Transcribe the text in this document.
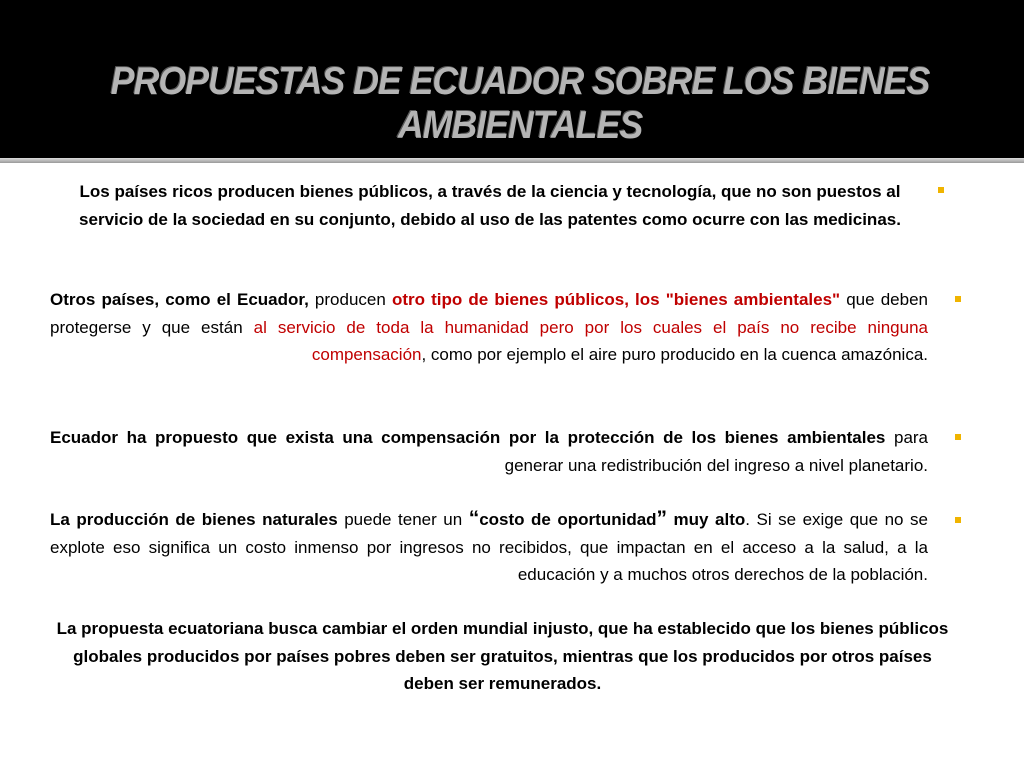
PROPUESTAS DE ECUADOR SOBRE LOS BIENES AMBIENTALES

Los países ricos producen bienes públicos, a través de la ciencia y tecnología, que no son puestos al servicio de la sociedad en su conjunto, debido al uso de las patentes como ocurre con las medicinas.

Otros países, como el Ecuador, producen otro tipo de bienes públicos, los "bienes ambientales" que deben protegerse y que están al servicio de toda la humanidad pero por los cuales el país no recibe ninguna compensación, como por ejemplo el aire puro producido en la cuenca amazónica.

Ecuador ha propuesto que exista una compensación por la protección de los bienes ambientales para generar una redistribución del ingreso a nivel planetario.

La producción de bienes naturales puede tener un “costo de oportunidad” muy alto. Si se exige que no se explote eso significa un costo inmenso por ingresos no recibidos, que impactan en el acceso a la salud, a la educación y a muchos otros derechos de la población.

La propuesta ecuatoriana busca cambiar el orden mundial injusto, que ha establecido que los bienes públicos globales producidos por países pobres deben ser gratuitos, mientras que los producidos por otros países deben ser remunerados.
